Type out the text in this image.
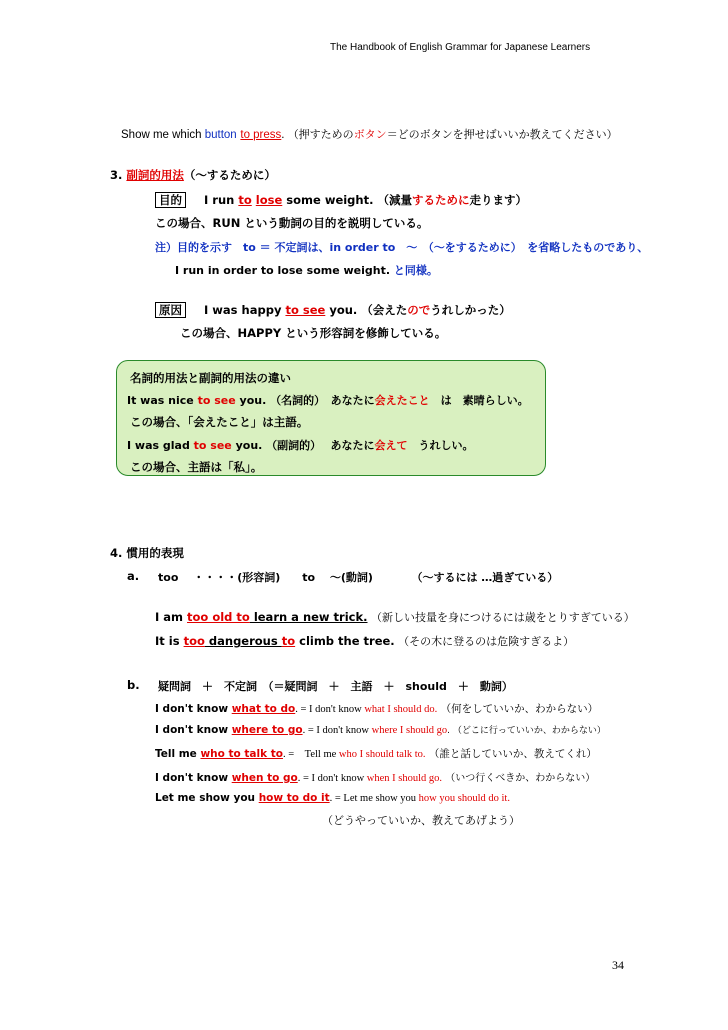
The Handbook of English Grammar for Japanese Learners
Show me which button to press. （押すためのボタン＝どのボタンを押せばいいか教えてください）
3. 副詞的用法（～するために）
目的 I run to lose some weight. （減量するために走ります）
この場合、RUN という動詞の目的を説明している。
注）目的を示す　to ＝ 不定詞は、in order to　～　（～をするために）　を省略したものであり、
I run in order to lose some weight. と同様。
原因 I was happy to see you. （会えたのでうれしかった）
この場合、HAPPY という形容詞を修飾している。
名詞的用法と副詞的用法の違い
It was nice to see you. （名詞的）　あなたに会えたこと　は　素晴らしい。
この場合、「会えたこと」は主語。
I was glad to see you. （副詞的）　 あなたに会えて　うれしい。
この場合、主語は「私」。
4. 慣用的表現
a. too　 ・・・・(形容詞)　　to　 ～(動詞)　　　　（～するには …過ぎている）
I am too old to learn a new trick. （新しい技量を身につけるには歳をとりすぎている）
It is too dangerous to climb the tree. （その木に登るのは危険すぎるよ）
b. 疑問詞　＋　不定詞　（＝疑問詞　＋　主語　＋　should　＋　動詞）
I don't know what to do. = I don't know what I should do. （何をしていいか、わからない）
I don't know where to go. = I don't know where I should go. （どこに行っていいか、わからない）
Tell me who to talk to. =　Tell me who I should talk to. （誰と話していいか、教えてくれ）
I don't know when to go. = I don't know when I should go. （いつ行くべきか、わからない）
Let me show you how to do it. = Let me show you how you should do it.
（どうやっていいか、教えてあげよう）
34
